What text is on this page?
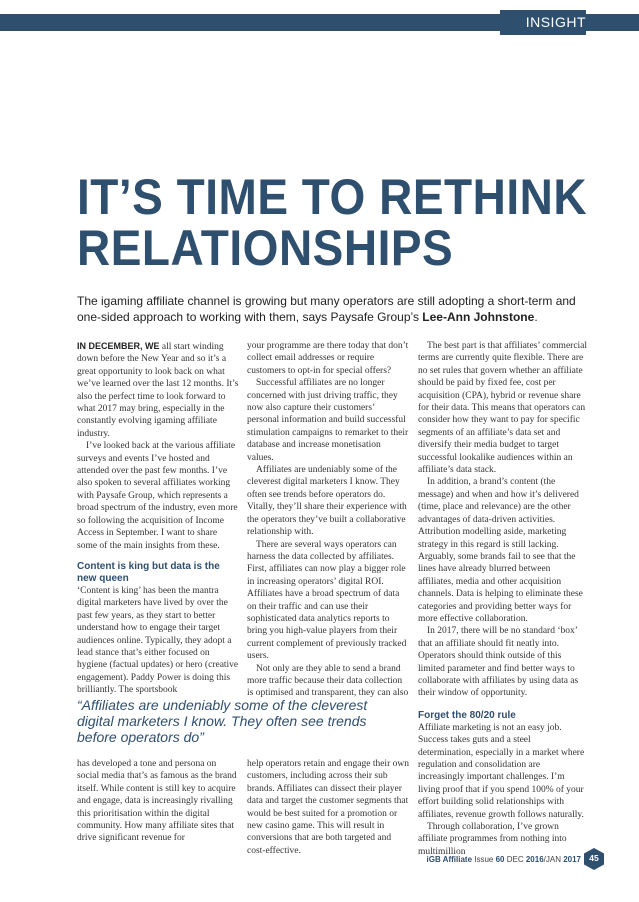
INSIGHT
IT’S TIME TO RETHINK
RELATIONSHIPS

The igaming affiliate channel is growing but many operators are still adopting a short-term and one-sided approach to working with them, says Paysafe Group’s Lee-Ann Johnstone.

IN DECEMBER, WE all start winding down before the New Year and so it’s a great opportunity to look back on what we’ve learned over the last 12 months. It’s also the perfect time to look forward to what 2017 may bring, especially in the constantly evolving igaming affiliate industry.

I’ve looked back at the various affiliate surveys and events I’ve hosted and attended over the past few months. I’ve also spoken to several affiliates working with Paysafe Group, which represents a broad spectrum of the industry, even more so following the acquisition of Income Access in September. I want to share some of the main insights from these.

Content is king but data is the new queen

‘Content is king’ has been the mantra digital marketers have lived by over the past few years, as they start to better understand how to engage their target audiences online. Typically, they adopt a lead stance that’s either focused on hygiene (factual updates) or hero (creative engagement). Paddy Power is doing this brilliantly. The sportsbook

your programme are there today that don’t collect email addresses or require customers to opt-in for special offers?

Successful affiliates are no longer concerned with just driving traffic, they now also capture their customers’ personal information and build successful stimulation campaigns to remarket to their database and increase monetisation values.

Affiliates are undeniably some of the cleverest digital marketers I know. They often see trends before operators do. Vitally, they’ll share their experience with the operators they’ve built a collaborative relationship with.

There are several ways operators can harness the data collected by affiliates. First, affiliates can now play a bigger role in increasing operators’ digital ROI. Affiliates have a broad spectrum of data on their traffic and can use their sophisticated data analytics reports to bring you high-value players from their current complement of previously tracked users.

Not only are they able to send a brand more traffic because their data collection is optimised and transparent, they can also

The best part is that affiliates’ commercial terms are currently quite flexible. There are no set rules that govern whether an affiliate should be paid by fixed fee, cost per acquisition (CPA), hybrid or revenue share for their data. This means that operators can consider how they want to pay for specific segments of an affiliate’s data set and diversify their media budget to target successful lookalike audiences within an affiliate’s data stack.

In addition, a brand’s content (the message) and when and how it’s delivered (time, place and relevance) are the other advantages of data-driven activities. Attribution modelling aside, marketing strategy in this regard is still lacking. Arguably, some brands fail to see that the lines have already blurred between affiliates, media and other acquisition channels. Data is helping to eliminate these categories and providing better ways for more effective collaboration.

In 2017, there will be no standard ‘box’ that an affiliate should fit neatly into. Operators should think outside of this limited parameter and find better ways to collaborate with affiliates by using data as their window of opportunity.

Forget the 80/20 rule

Affiliate marketing is not an easy job. Success takes guts and a steel determination, especially in a market where regulation and consolidation are increasingly important challenges. I’m living proof that if you spend 100% of your effort building solid relationships with affiliates, revenue growth follows naturally.

Through collaboration, I’ve grown affiliate programmes from nothing into multimillion

“Affiliates are undeniably some of the cleverest digital marketers I know. They often see trends before operators do”

has developed a tone and persona on social media that’s as famous as the brand itself. While content is still key to acquire and engage, data is increasingly rivalling this prioritisation within the digital community. How many affiliate sites that drive significant revenue for

help operators retain and engage their own customers, including across their sub brands. Affiliates can dissect their player data and target the customer segments that would be best suited for a promotion or new casino game. This will result in conversions that are both targeted and cost-effective.

iGB Affiliate Issue 60 DEC 2016/JAN 2017 45
